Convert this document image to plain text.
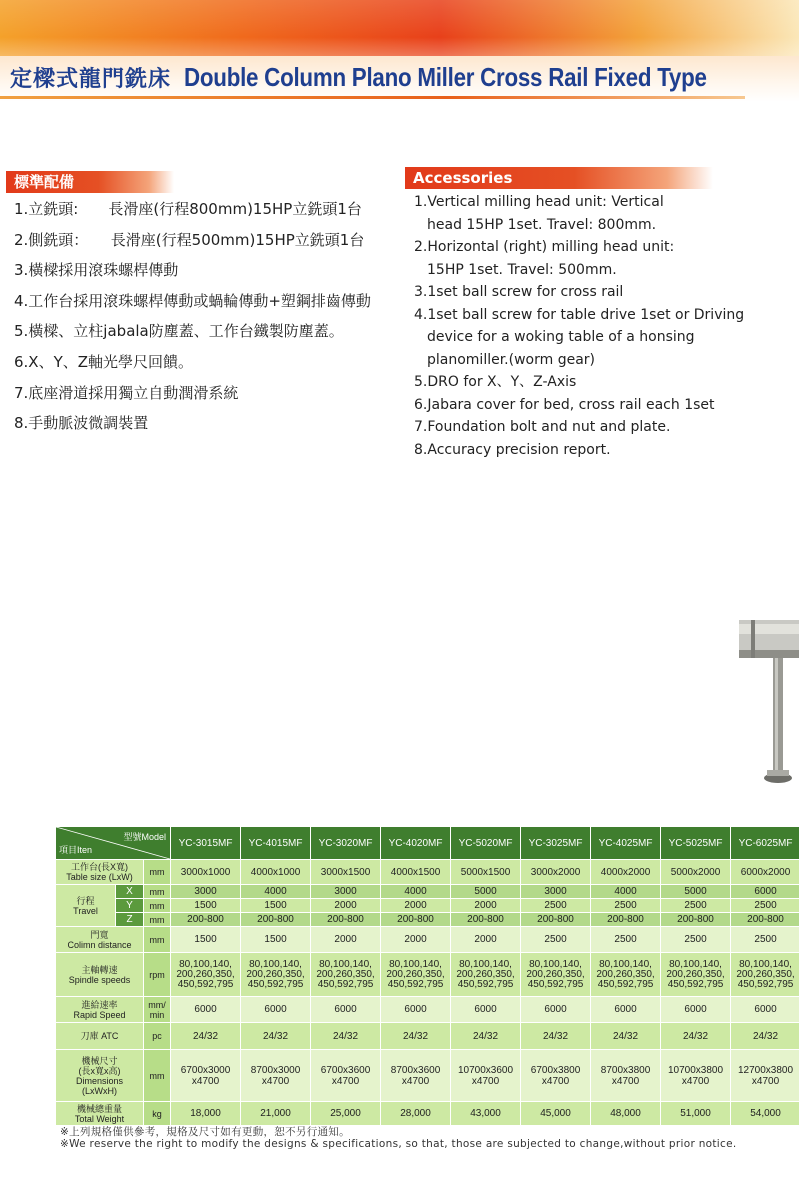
定樑式龍門銑床 Double Column Plano Miller Cross Rail Fixed Type
標準配備	Accessories
1.立銑頭:　　長滑座(行程800mm)15HP立銑頭1台
2.側銑頭：　　長滑座(行程500mm)15HP立銑頭1台
3.橫樑採用滾珠螺桿傳動
4.工作台採用滾珠螺桿傳動或蝸輪傳動+塑鋼排齒傳動
5.橫樑、立柱jabala防塵蓋、工作台鐵製防塵蓋。
6.X、Y、Z軸光學尺回饋。
7.底座滑道採用獨立自動潤滑系統
8.手動脈波微調裝置
1.Vertical milling head unit: Vertical
head 15HP 1set. Travel: 800mm.
2.Horizontal (right) milling head unit:
15HP 1set. Travel: 500mm.
3.1set ball screw for cross rail
4.1set ball screw for table drive 1set or Driving
device for a woking table of a honsing
planomiller.(worm gear)
5.DRO for X、Y、Z-Axis
6.Jabara cover for bed, cross rail each 1set
7.Foundation bolt and nut and plate.
8.Accuracy precision report.
型號Model
項目Iten			YC-3015MF	YC-4015MF	YC-3020MF	YC-4020MF	YC-5020MF	YC-3025MF	YC-4025MF	YC-5025MF	YC-6025MF
工作台(長X寬)
Table size (LxW)		mm	3000x1000	4000x1000	3000x1500	4000x1500	5000x1500	3000x2000	4000x2000	5000x2000	6000x2000
行程
Travel	X	mm	3000	4000	3000	4000	5000	3000	4000	5000	6000
	Y	mm	1500	1500	2000	2000	2000	2500	2500	2500	2500
	Z	mm	200-800	200-800	200-800	200-800	200-800	200-800	200-800	200-800	200-800
門寬
Colimn distance		mm	1500	1500	2000	2000	2000	2500	2500	2500	2500
主軸轉速
Spindle speeds		rpm	80,100,140,
200,260,350,
450,592,795	80,100,140,
200,260,350,
450,592,795	80,100,140,
200,260,350,
450,592,795	80,100,140,
200,260,350,
450,592,795	80,100,140,
200,260,350,
450,592,795	80,100,140,
200,260,350,
450,592,795	80,100,140,
200,260,350,
450,592,795	80,100,140,
200,260,350,
450,592,795	80,100,140,
200,260,350,
450,592,795
進給速率
Rapid Speed		mm/
min	6000	6000	6000	6000	6000	6000	6000	6000	6000
刀庫 ATC		pc	24/32	24/32	24/32	24/32	24/32	24/32	24/32	24/32	24/32
機械尺寸
(長x寬x高)
Dimensions
(LxWxH)		mm	6700x3000
x4700	8700x3000
x4700	6700x3600
x4700	8700x3600
x4700	10700x3600
x4700	6700x3800
x4700	8700x3800
x4700	10700x3800
x4700	12700x3800
x4700
機械總重量
Total Weight		kg	18,000	21,000	25,000	28,000	43,000	45,000	48,000	51,000	54,000
※上列規格僅供參考，規格及尺寸如有更動，恕不另行通知。
※We reserve the right to modify the designs & specifications, so that, those are subjected to change,without prior notice.
